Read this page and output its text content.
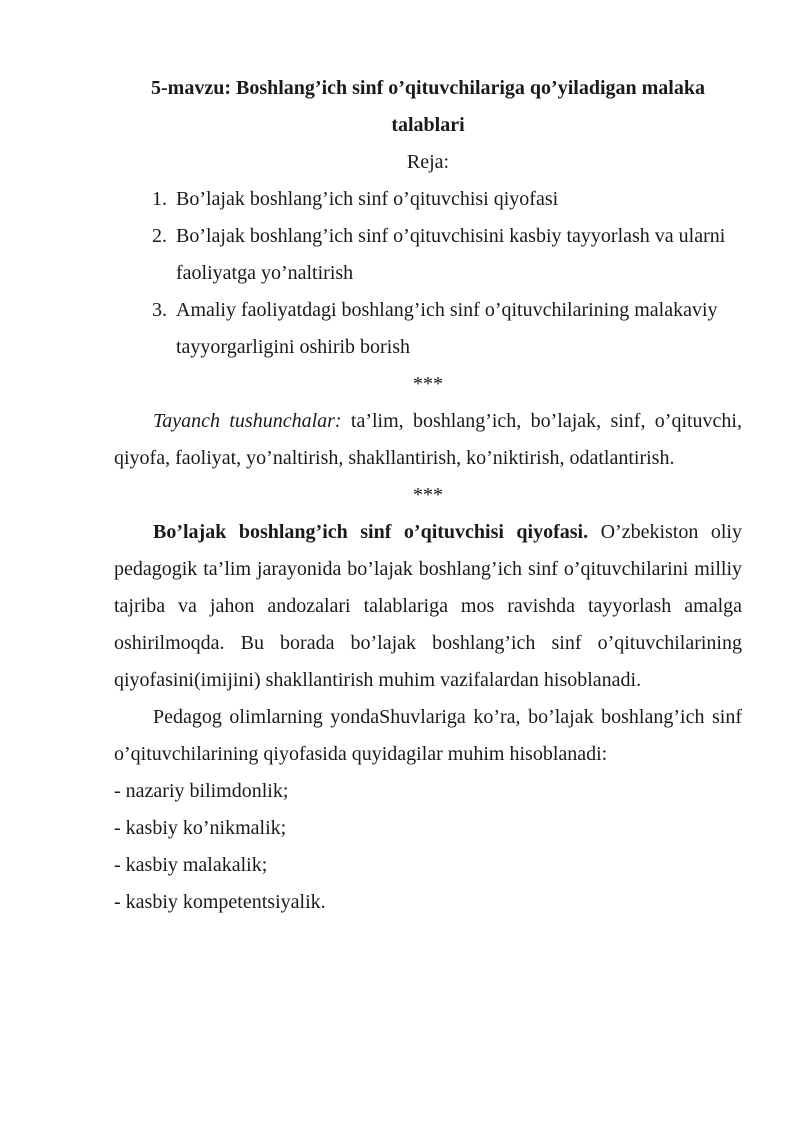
5-mavzu: Boshlang’ich sinf o’qituvchilariga qo’yiladigan malaka talablari

Reja:

1. Bo’lajak boshlang’ich sinf o’qituvchisi qiyofasi
2. Bo’lajak boshlang’ich sinf o’qituvchisini kasbiy tayyorlash va ularni faoliyatga yo’naltirish
3. Amaliy faoliyatdagi boshlang’ich sinf o’qituvchilarining malakaviy tayyorgarligini oshirib borish

***

Tayanch tushunchalar: ta’lim, boshlang’ich, bo’lajak, sinf, o’qituvchi, qiyofa, faoliyat, yo’naltirish, shakllantirish, ko’niktirish, odatlantirish.

***

Bo’lajak boshlang’ich sinf o’qituvchisi qiyofasi. O’zbekiston oliy pedagogik ta’lim jarayonida bo’lajak boshlang’ich sinf o’qituvchilarini milliy tajriba va jahon andozalari talablariga mos ravishda tayyorlash amalga oshirilmoqda. Bu borada bo’lajak boshlang’ich sinf o’qituvchilarining qiyofasini(imijini) shakllantirish muhim vazifalardan hisoblanadi.

Pedagog olimlarning yondaShuvlariga ko’ra, bo’lajak boshlang’ich sinf o’qituvchilarining qiyofasida quyidagilar muhim hisoblanadi:

- nazariy bilimdonlik;
- kasbiy ko’nikmalik;
- kasbiy malakalik;
- kasbiy kompetentsiyalik.
